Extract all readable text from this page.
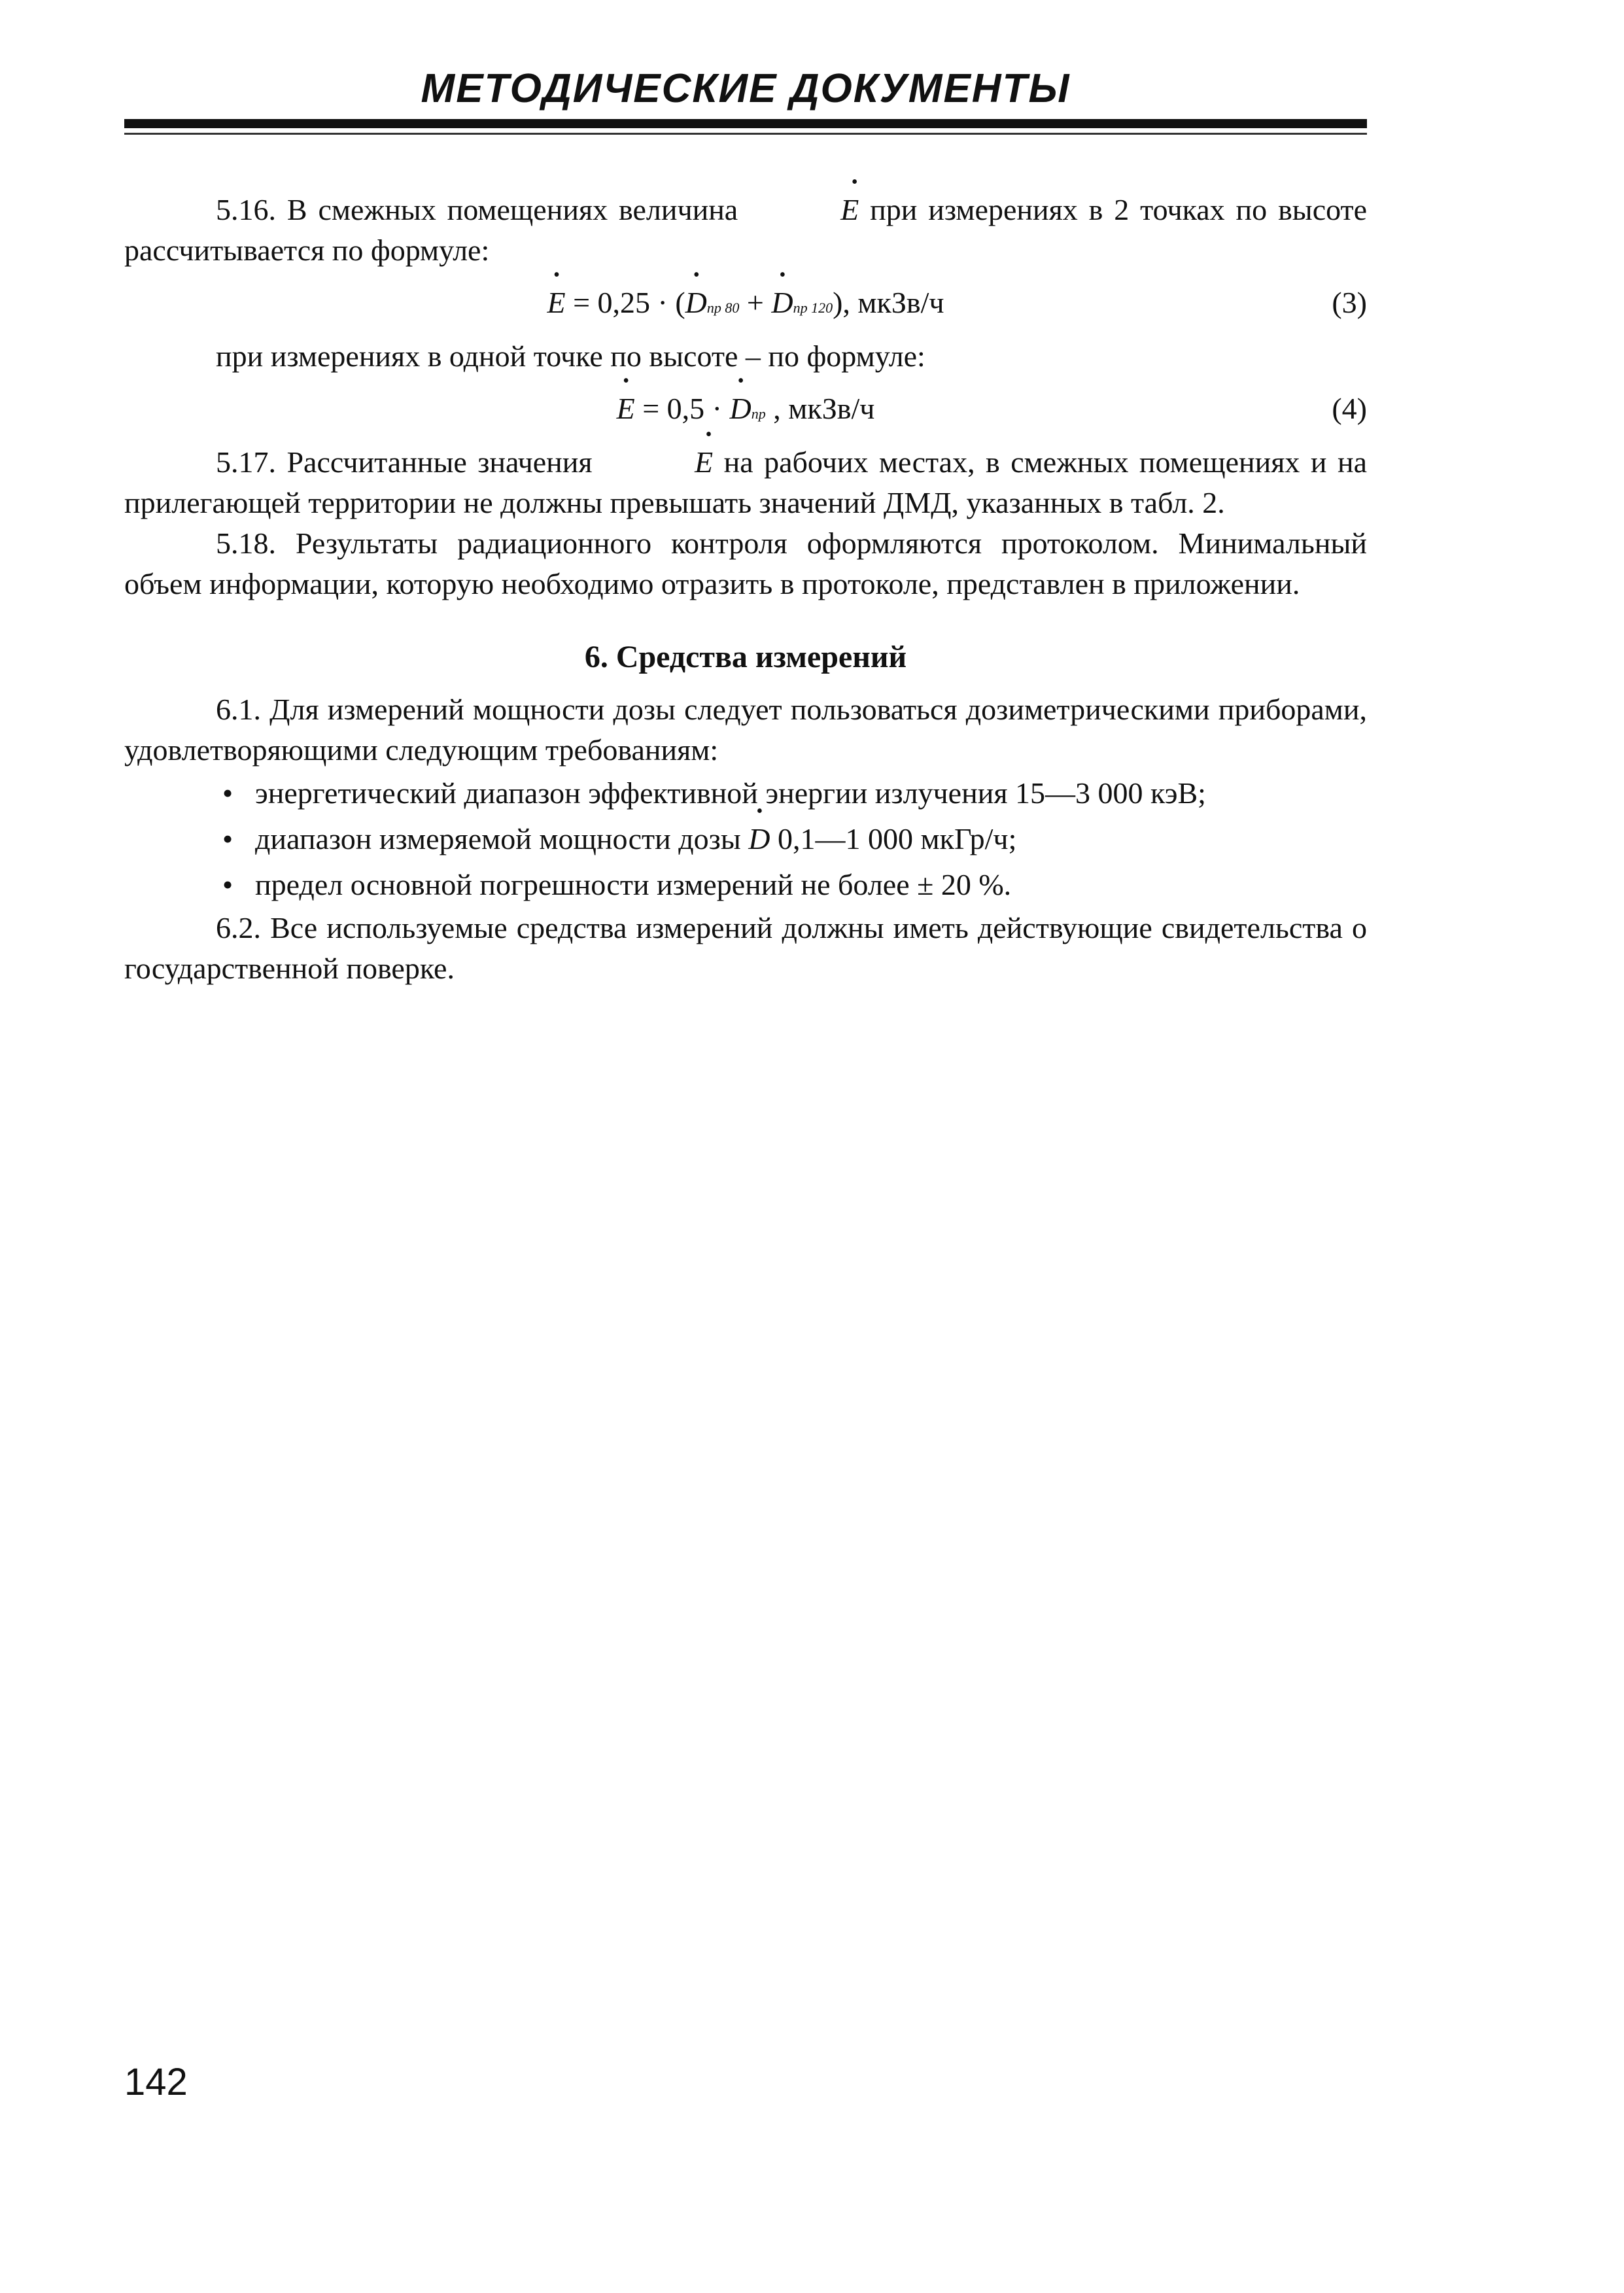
МЕТОДИЧЕСКИЕ ДОКУМЕНТЫ

5.16. В смежных помещениях величина	• E при измерениях в 2 точках по высоте рассчитывается по формуле:

• E = 0,25 · (• Dпр 80 + • Dпр 120), мкЗв/ч	(3)

при измерениях в одной точке по высоте – по формуле:

• E = 0,5 · • Dпр , мкЗв/ч	(4)

5.17. Рассчитанные значения	• E на рабочих местах, в смежных помещениях и на прилегающей территории не должны превышать значений ДМД, указанных в табл. 2.

5.18. Результаты радиационного контроля оформляются протоколом. Минимальный объем информации, которую необходимо отразить в протоколе, представлен в приложении.

6. Средства измерений

6.1. Для измерений мощности дозы следует пользоваться дозиметрическими приборами, удовлетворяющими следующим требованиям:

• энергетический диапазон эффективной энергии излучения 15—3 000 кэВ;
• диапазон измеряемой мощности дозы • D 0,1—1 000 мкГр/ч;
• предел основной погрешности измерений не более ± 20 %.

6.2. Все используемые средства измерений должны иметь действующие свидетельства о государственной поверке.

142
